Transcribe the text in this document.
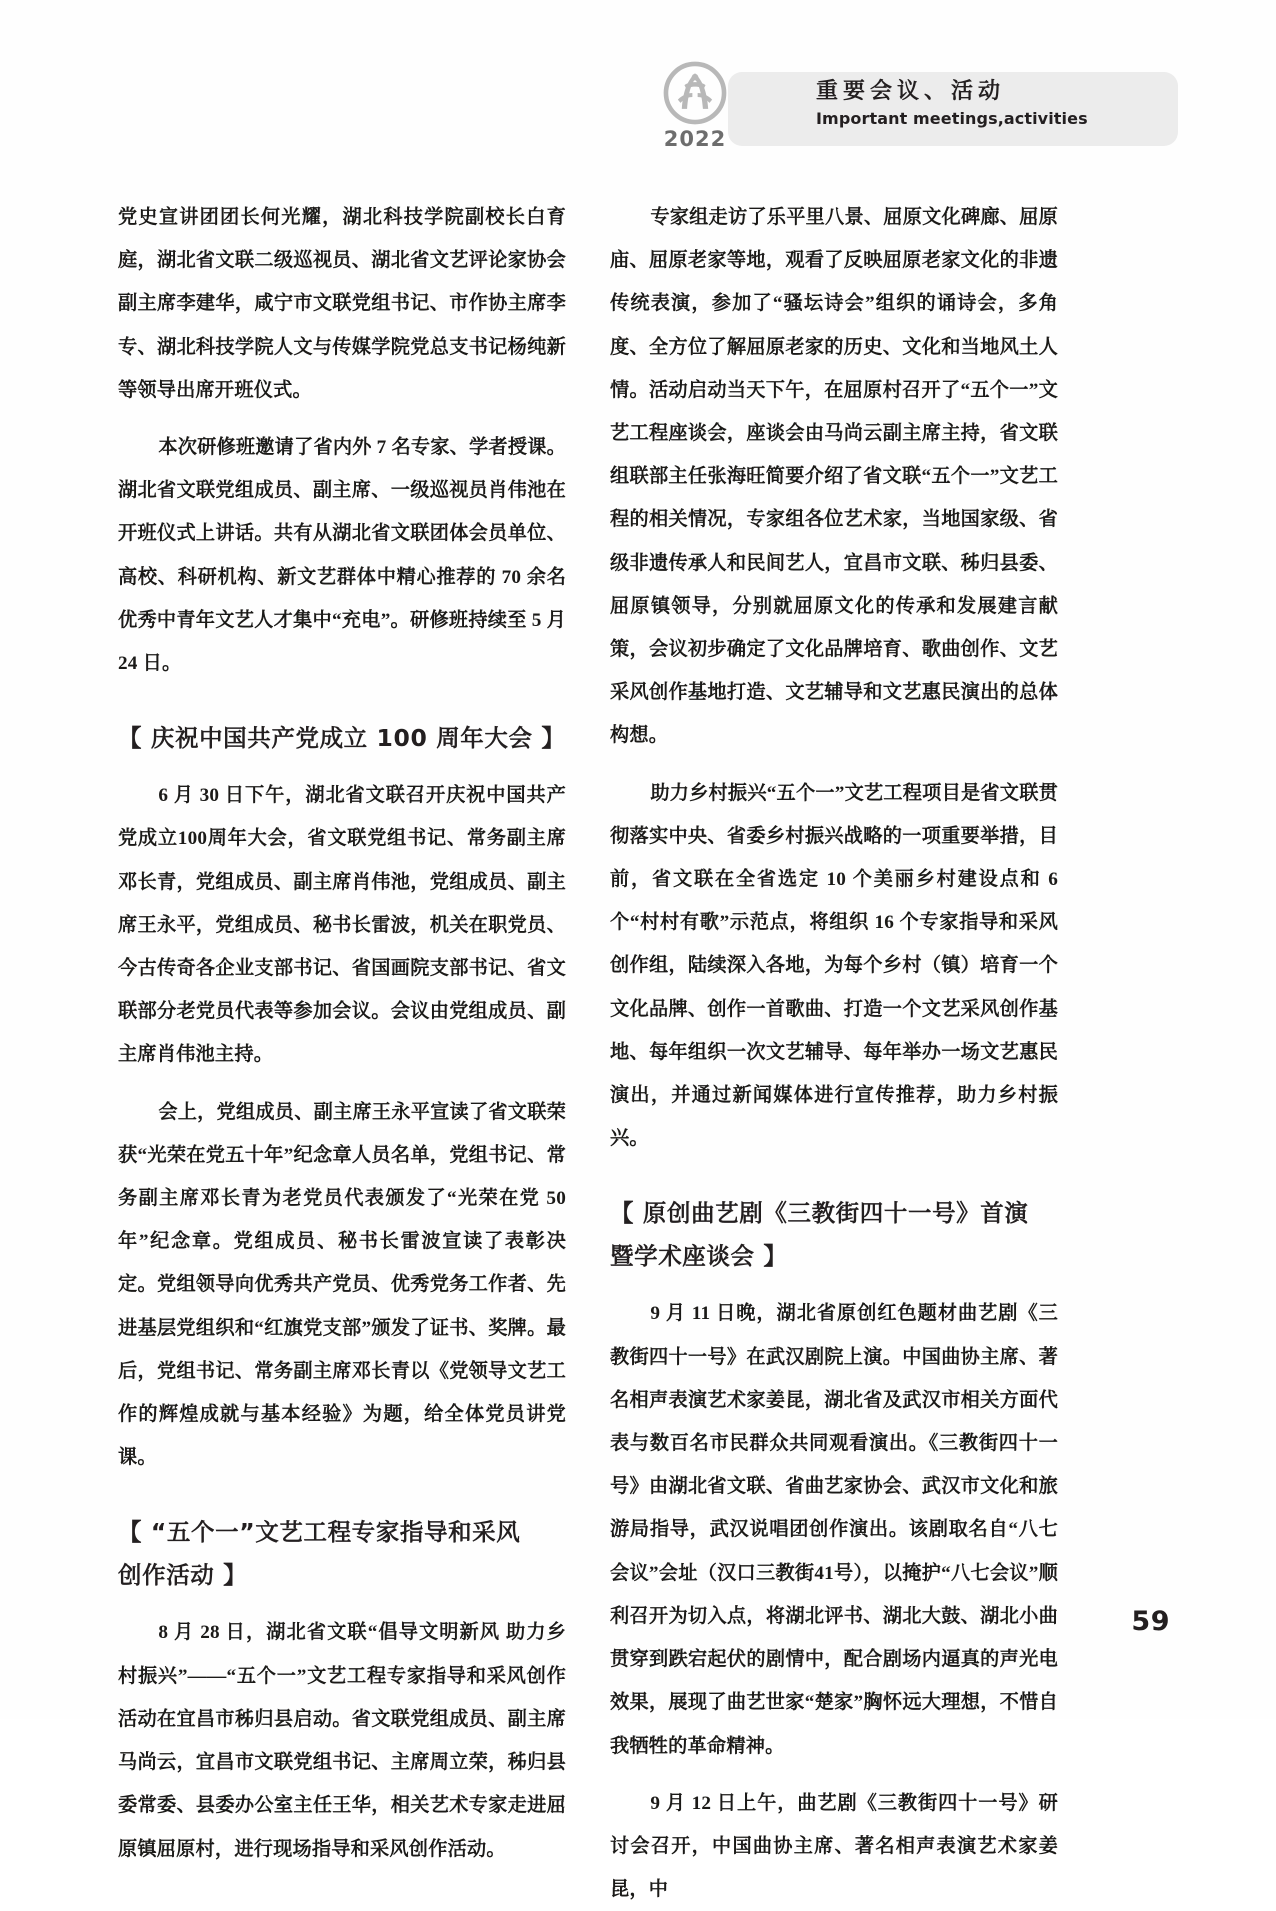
2022
重要会议、活动
Important meetings,activities

党史宣讲团团长何光耀，湖北科技学院副校长白育庭，湖北省文联二级巡视员、湖北省文艺评论家协会副主席李建华，咸宁市文联党组书记、市作协主席李专、湖北科技学院人文与传媒学院党总支书记杨纯新等领导出席开班仪式。

本次研修班邀请了省内外 7 名专家、学者授课。湖北省文联党组成员、副主席、一级巡视员肖伟池在开班仪式上讲话。共有从湖北省文联团体会员单位、高校、科研机构、新文艺群体中精心推荐的 70 余名优秀中青年文艺人才集中“充电”。研修班持续至 5 月 24 日。

【 庆祝中国共产党成立 100 周年大会 】

6 月 30 日下午，湖北省文联召开庆祝中国共产党成立100周年大会，省文联党组书记、常务副主席邓长青，党组成员、副主席肖伟池，党组成员、副主席王永平，党组成员、秘书长雷波，机关在职党员、今古传奇各企业支部书记、省国画院支部书记、省文联部分老党员代表等参加会议。会议由党组成员、副主席肖伟池主持。

会上，党组成员、副主席王永平宣读了省文联荣获“光荣在党五十年”纪念章人员名单，党组书记、常务副主席邓长青为老党员代表颁发了“光荣在党 50 年”纪念章。党组成员、秘书长雷波宣读了表彰决定。党组领导向优秀共产党员、优秀党务工作者、先进基层党组织和“红旗党支部”颁发了证书、奖牌。最后，党组书记、常务副主席邓长青以《党领导文艺工作的辉煌成就与基本经验》为题，给全体党员讲党课。

【 “五个一”文艺工程专家指导和采风
创作活动 】

8 月 28 日，湖北省文联“倡导文明新风 助力乡村振兴”——“五个一”文艺工程专家指导和采风创作活动在宜昌市秭归县启动。省文联党组成员、副主席马尚云，宜昌市文联党组书记、主席周立荣，秭归县委常委、县委办公室主任王华，相关艺术专家走进屈原镇屈原村，进行现场指导和采风创作活动。

专家组走访了乐平里八景、屈原文化碑廊、屈原庙、屈原老家等地，观看了反映屈原老家文化的非遗传统表演，参加了“骚坛诗会”组织的诵诗会，多角度、全方位了解屈原老家的历史、文化和当地风土人情。活动启动当天下午，在屈原村召开了“五个一”文艺工程座谈会，座谈会由马尚云副主席主持，省文联组联部主任张海旺简要介绍了省文联“五个一”文艺工程的相关情况，专家组各位艺术家，当地国家级、省级非遗传承人和民间艺人，宜昌市文联、秭归县委、屈原镇领导，分别就屈原文化的传承和发展建言献策，会议初步确定了文化品牌培育、歌曲创作、文艺采风创作基地打造、文艺辅导和文艺惠民演出的总体构想。

助力乡村振兴“五个一”文艺工程项目是省文联贯彻落实中央、省委乡村振兴战略的一项重要举措，目前，省文联在全省选定 10 个美丽乡村建设点和 6 个“村村有歌”示范点，将组织 16 个专家指导和采风创作组，陆续深入各地，为每个乡村（镇）培育一个文化品牌、创作一首歌曲、打造一个文艺采风创作基地、每年组织一次文艺辅导、每年举办一场文艺惠民演出，并通过新闻媒体进行宣传推荐，助力乡村振兴。

【 原创曲艺剧《三教街四十一号》首演
暨学术座谈会 】

9 月 11 日晚，湖北省原创红色题材曲艺剧《三教街四十一号》在武汉剧院上演。中国曲协主席、著名相声表演艺术家姜昆，湖北省及武汉市相关方面代表与数百名市民群众共同观看演出。《三教街四十一号》由湖北省文联、省曲艺家协会、武汉市文化和旅游局指导，武汉说唱团创作演出。该剧取名自“八七会议”会址（汉口三教街41号），以掩护“八七会议”顺利召开为切入点，将湖北评书、湖北大鼓、湖北小曲贯穿到跌宕起伏的剧情中，配合剧场内逼真的声光电效果，展现了曲艺世家“楚家”胸怀远大理想，不惜自我牺牲的革命精神。

9 月 12 日上午，曲艺剧《三教街四十一号》研讨会召开，中国曲协主席、著名相声表演艺术家姜昆，中

59
